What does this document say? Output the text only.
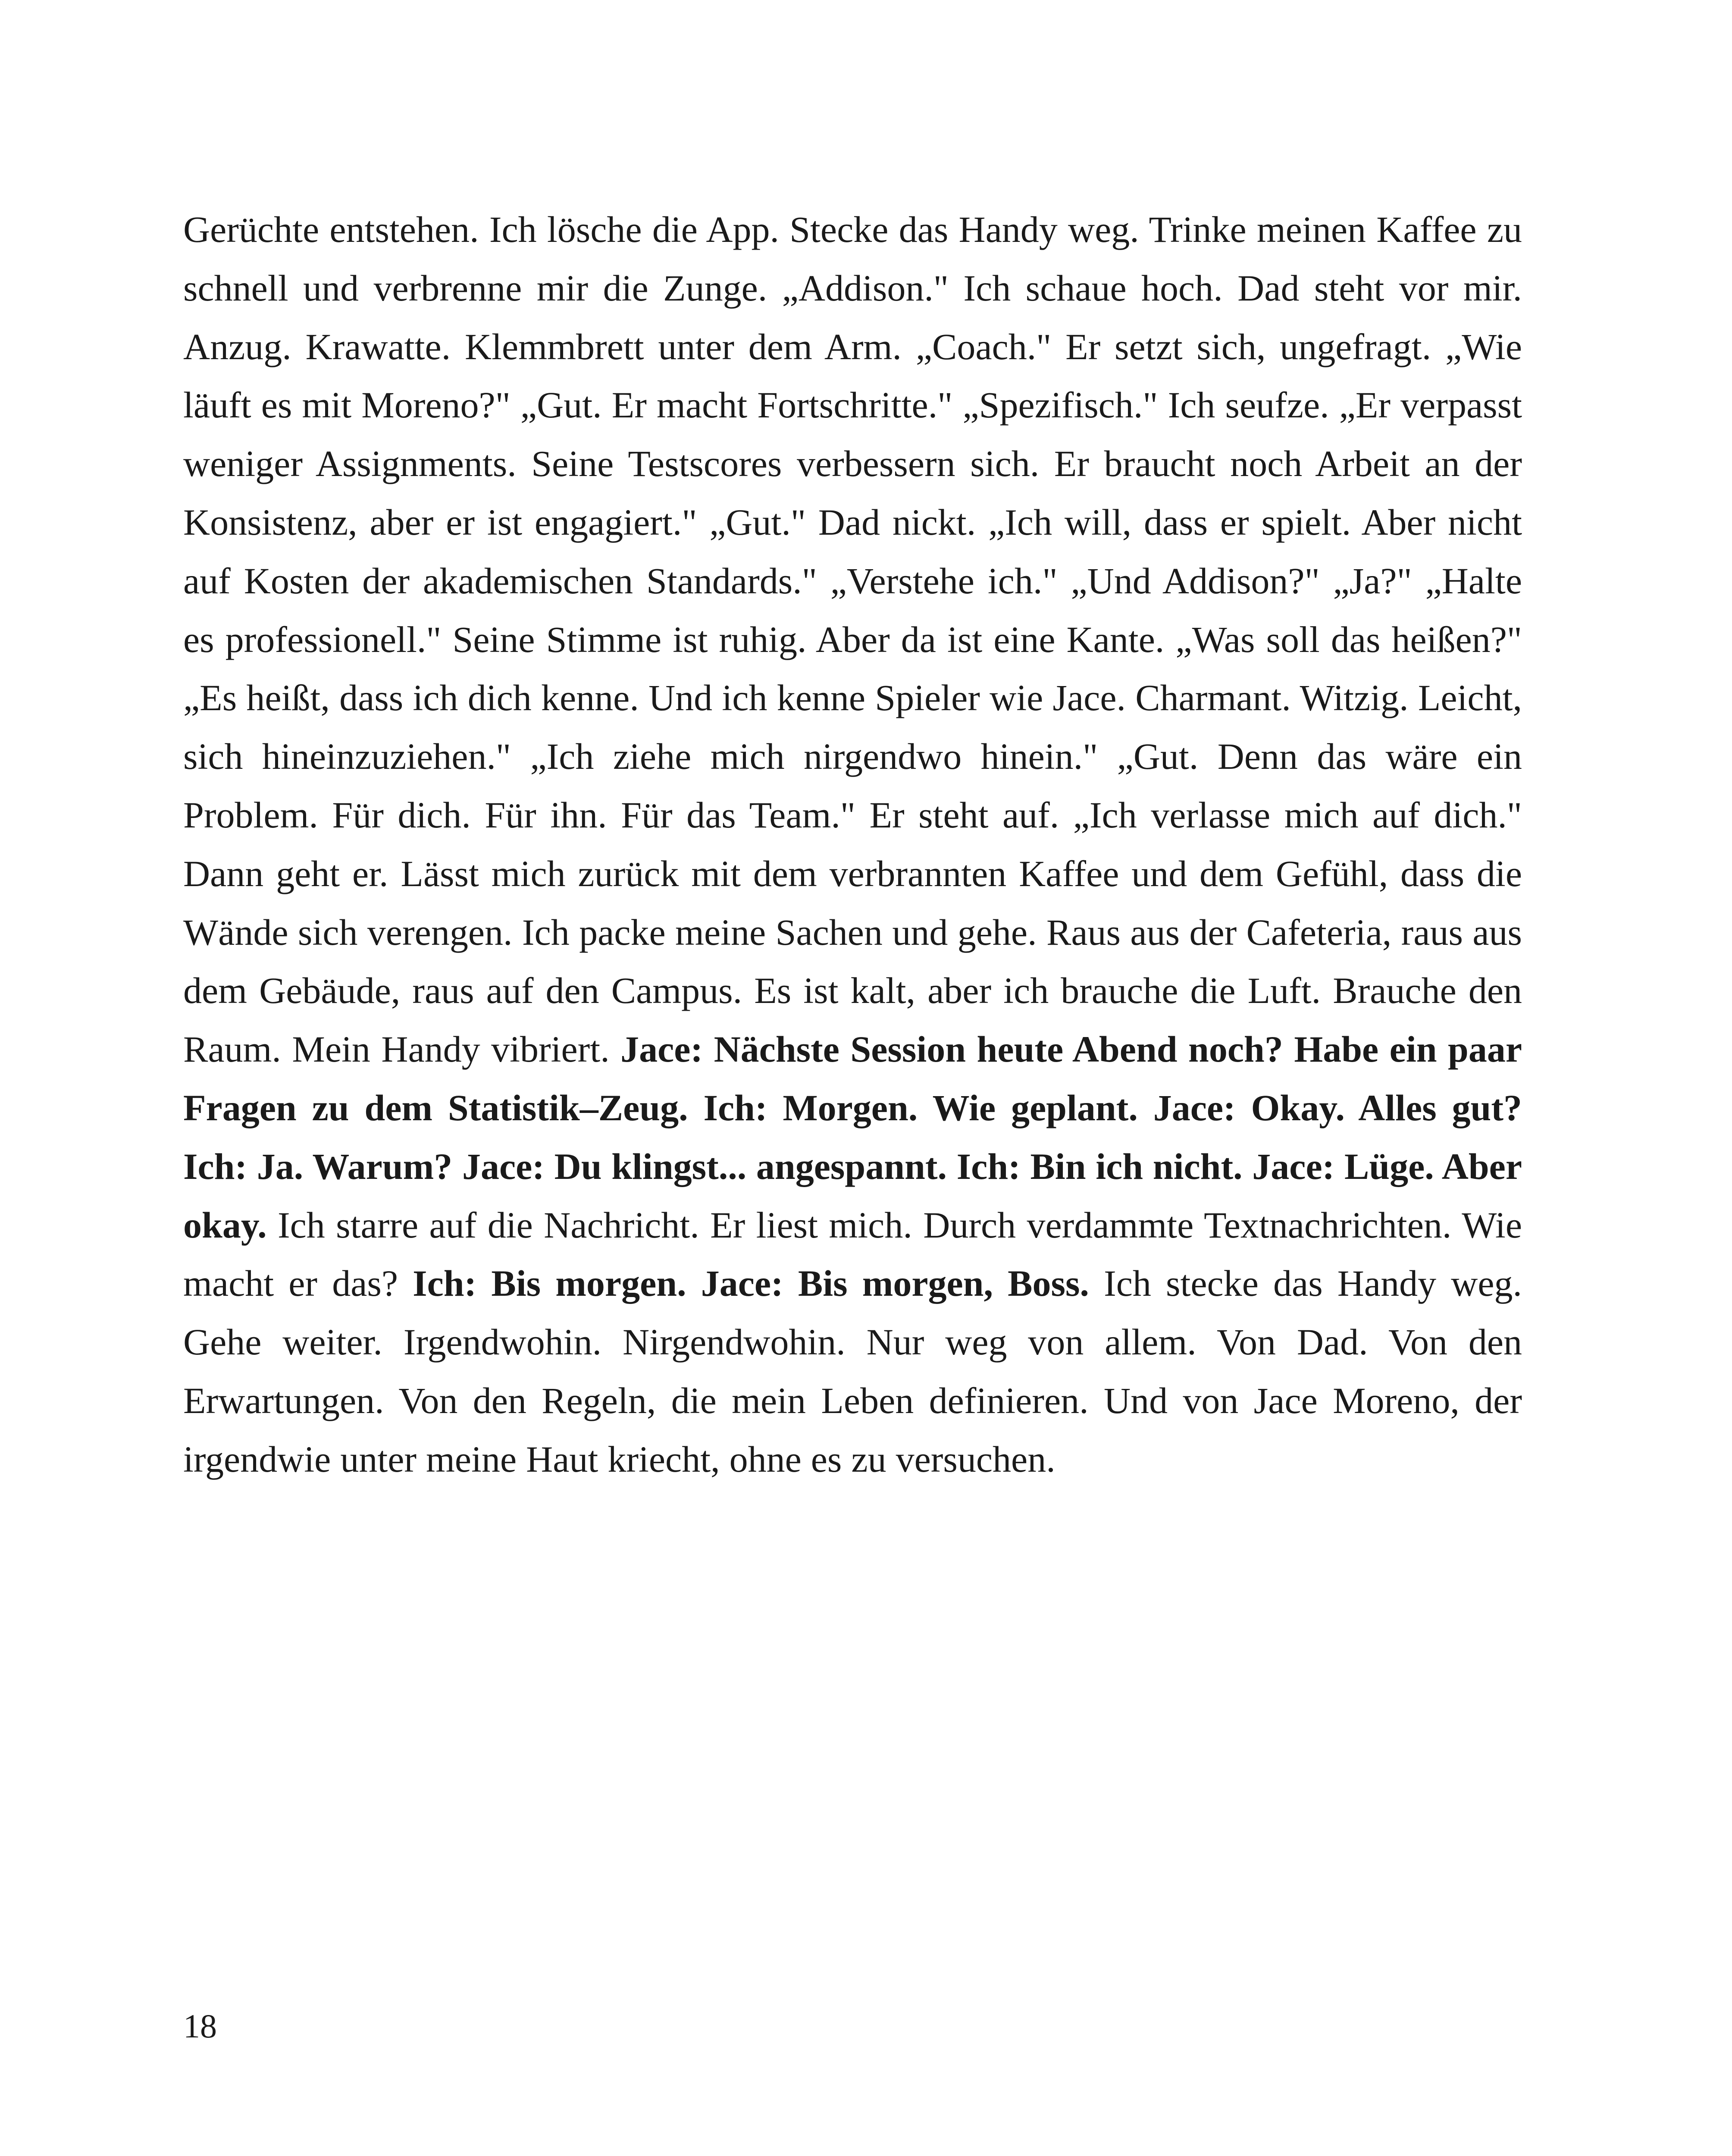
Gerüchte entstehen. Ich lösche die App. Stecke das Handy weg. Trinke meinen Kaffee zu schnell und verbrenne mir die Zunge. „Addison." Ich schaue hoch. Dad steht vor mir. Anzug. Krawatte. Klemmbrett unter dem Arm. „Coach." Er setzt sich, ungefragt. „Wie läuft es mit Moreno?" „Gut. Er macht Fortschritte." „Spezifisch." Ich seufze. „Er verpasst weniger Assignments. Seine Testscores verbessern sich. Er braucht noch Arbeit an der Konsistenz, aber er ist engagiert." „Gut." Dad nickt. „Ich will, dass er spielt. Aber nicht auf Kosten der akademischen Standards." „Verstehe ich." „Und Addison?" „Ja?" „Halte es professionell." Seine Stimme ist ruhig. Aber da ist eine Kante. „Was soll das heißen?" „Es heißt, dass ich dich kenne. Und ich kenne Spieler wie Jace. Charmant. Witzig. Leicht, sich hineinzuziehen." „Ich ziehe mich nirgendwo hinein." „Gut. Denn das wäre ein Problem. Für dich. Für ihn. Für das Team." Er steht auf. „Ich verlasse mich auf dich." Dann geht er. Lässt mich zurück mit dem verbrannten Kaffee und dem Gefühl, dass die Wände sich verengen. Ich packe meine Sachen und gehe. Raus aus der Cafeteria, raus aus dem Gebäude, raus auf den Campus. Es ist kalt, aber ich brauche die Luft. Brauche den Raum. Mein Handy vibriert. Jace: Nächste Session heute Abend noch? Habe ein paar Fragen zu dem Statistik–Zeug. Ich: Morgen. Wie geplant. Jace: Okay. Alles gut? Ich: Ja. Warum? Jace: Du klingst... angespannt. Ich: Bin ich nicht. Jace: Lüge. Aber okay. Ich starre auf die Nachricht. Er liest mich. Durch verdammte Textnachrichten. Wie macht er das? Ich: Bis morgen. Jace: Bis morgen, Boss. Ich stecke das Handy weg. Gehe weiter. Irgendwohin. Nirgendwohin. Nur weg von allem. Von Dad. Von den Erwartungen. Von den Regeln, die mein Leben definieren. Und von Jace Moreno, der irgendwie unter meine Haut kriecht, ohne es zu versuchen.

18
